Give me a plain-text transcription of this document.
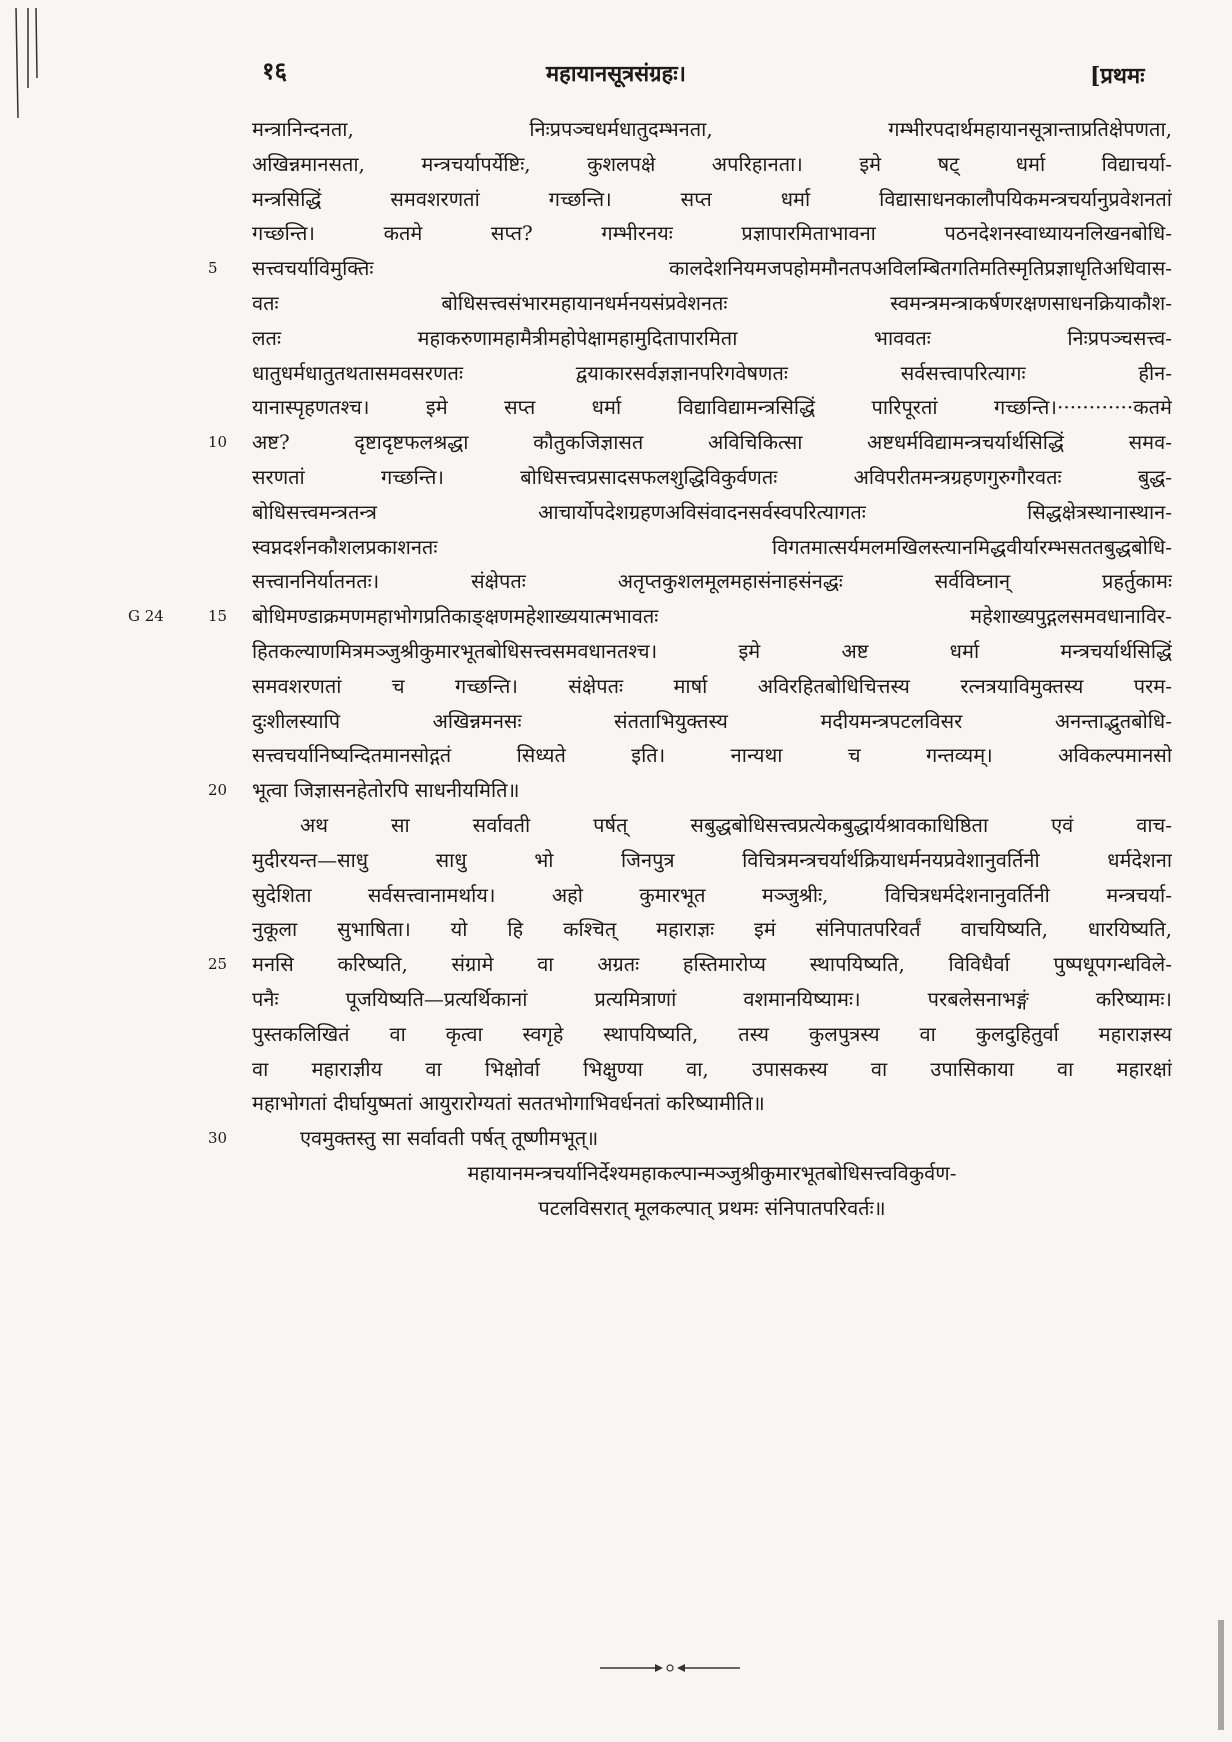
१६	महायानसूत्रसंग्रहः।	[प्रथमः
मन्त्रानिन्दनता, निःप्रपञ्चधर्मधातुदम्भनता, गम्भीरपदार्थमहायानसूत्रान्ताप्रतिक्षेपणता,
अखिन्नमानसता, मन्त्रचर्यापर्येष्टिः, कुशलपक्षे अपरिहानता। इमे षट् धर्मा विद्याचर्या-
मन्त्रसिद्धिं समवशरणतां गच्छन्ति। सप्त धर्मा विद्यासाधनकालौपयिकमन्त्रचर्यानुप्रवेशनतां
गच्छन्ति। कतमे सप्त? गम्भीरनयः प्रज्ञापारमिताभावना पठनदेशनस्वाध्यायनलिखनबोधि-
5 सत्त्वचर्याविमुक्तिः कालदेशनियमजपहोममौनतपअविलम्बितगतिमतिस्मृतिप्रज्ञाधृतिअधिवास-
वतः बोधिसत्त्वसंभारमहायानधर्मनयसंप्रवेशनतः स्वमन्त्रमन्त्राकर्षणरक्षणसाधनक्रियाकौश-
लतः महाकरुणामहामैत्रीमहोपेक्षामहामुदितापारमिता भाववतः निःप्रपञ्चसत्त्व-
धातुधर्मधातुतथतासमवसरणतः द्वयाकारसर्वज्ञज्ञानपरिगवेषणतः सर्वसत्त्वापरित्यागः हीन-
यानास्पृहणतश्च। इमे सप्त धर्मा विद्याविद्यामन्त्रसिद्धिं पारिपूरतां गच्छन्ति।············कतमे
10 अष्ट? दृष्टादृष्टफलश्रद्धा कौतुकजिज्ञासत अविचिकित्सा अष्टधर्मविद्यामन्त्रचर्यार्थसिद्धिं समव-
सरणतां गच्छन्ति। बोधिसत्त्वप्रसादसफलशुद्धिविकुर्वणतः अविपरीतमन्त्रग्रहणगुरुगौरवतः बुद्ध-
बोधिसत्त्वमन्त्रतन्त्र आचार्योपदेशग्रहणअविसंवादनसर्वस्वपरित्यागतः सिद्धक्षेत्रस्थानास्थान-
स्वप्नदर्शनकौशलप्रकाशनतः विगतमात्सर्यमलमखिलस्त्यानमिद्धवीर्यारम्भसततबुद्धबोधि-
सत्त्वाननिर्यातनतः। संक्षेपतः अतृप्तकुशलमूलमहासंनाहसंनद्धः सर्वविघ्नान् प्रहर्तुकामः
G 24	15 बोधिमण्डाक्रमणमहाभोगप्रतिकाङ्क्षणमहेशाख्ययात्मभावतः महेशाख्यपुद्गलसमवधानाविर-
हितकल्याणमित्रमञ्जुश्रीकुमारभूतबोधिसत्त्वसमवधानतश्च। इमे अष्ट धर्मा मन्त्रचर्यार्थसिद्धिं
समवशरणतां च गच्छन्ति। संक्षेपतः मार्षा अविरहितबोधिचित्तस्य रत्नत्रयाविमुक्तस्य परम-
दुःशीलस्यापि अखिन्नमनसः संतताभियुक्तस्य मदीयमन्त्रपटलविसर अनन्ताद्भुतबोधि-
सत्त्वचर्यानिष्यन्दितमानसोद्गतं सिध्यते इति। नान्यथा च गन्तव्यम्। अविकल्पमानसो
20 भूत्वा जिज्ञासनहेतोरपि साधनीयमिति॥
अथ सा सर्वावती पर्षत् सबुद्धबोधिसत्त्वप्रत्येकबुद्धार्यश्रावकाधिष्ठिता एवं वाच-
मुदीरयन्त—साधु साधु भो जिनपुत्र विचित्रमन्त्रचर्यार्थक्रियाधर्मनयप्रवेशानुवर्तिनी धर्मदेशना
सुदेशिता सर्वसत्त्वानामर्थाय। अहो कुमारभूत मञ्जुश्रीः, विचित्रधर्मदेशनानुवर्तिनी मन्त्रचर्या-
नुकूला सुभाषिता। यो हि कश्चित् महाराज्ञः इमं संनिपातपरिवर्तं वाचयिष्यति, धारयिष्यति,
25 मनसि करिष्यति, संग्रामे वा अग्रतः हस्तिमारोप्य स्थापयिष्यति, विविधैर्वा पुष्पधूपगन्धविले-
पनैः पूजयिष्यति—प्रत्यर्थिकानां प्रत्यमित्राणां वशमानयिष्यामः। परबलेसनाभङ्गं करिष्यामः।
पुस्तकलिखितं वा कृत्वा स्वगृहे स्थापयिष्यति, तस्य कुलपुत्रस्य वा कुलदुहितुर्वा महाराज्ञस्य
वा महाराज्ञीय वा भिक्षोर्वा भिक्षुण्या वा, उपासकस्य वा उपासिकाया वा महारक्षां
महाभोगतां दीर्घायुष्मतां आयुरारोग्यतां सततभोगाभिवर्धनतां करिष्यामीति॥
30	एवमुक्तस्तु सा सर्वावती पर्षत् तूष्णीमभूत्॥
महायानमन्त्रचर्यानिर्देश्यमहाकल्पान्मञ्जुश्रीकुमारभूतबोधिसत्त्वविकुर्वण-
पटलविसरात् मूलकल्पात् प्रथमः संनिपातपरिवर्तः॥
